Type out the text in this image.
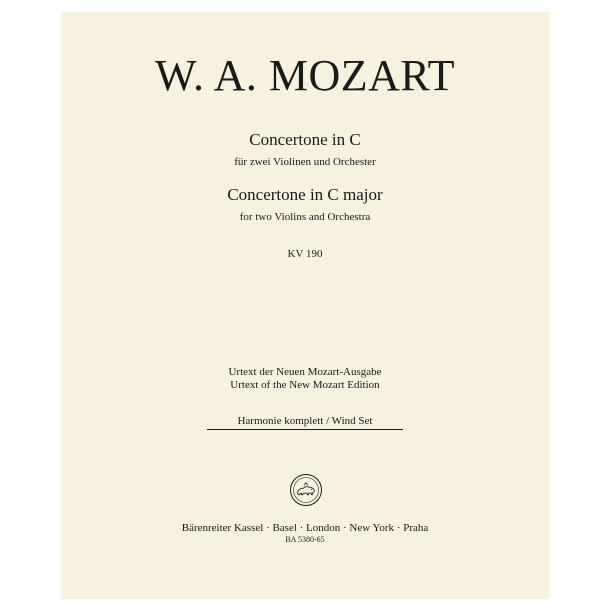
W. A. MOZART
Concertone in C
für zwei Violinen und Orchester
Concertone in C major
for two Violins and Orchestra
KV 190
Urtext der Neuen Mozart-Ausgabe
Urtext of the New Mozart Edition
Harmonie komplett / Wind Set
Bärenreiter Kassel · Basel · London · New York · Praha
BA 5380-65
